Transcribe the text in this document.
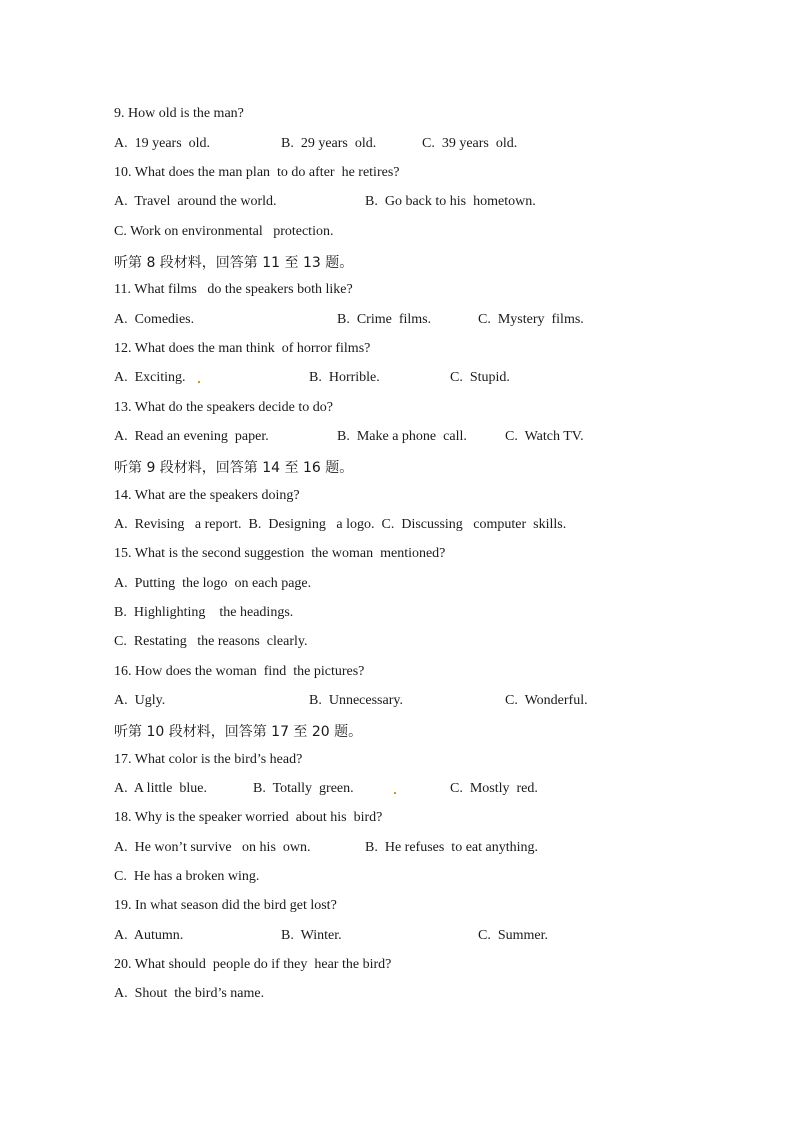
9. How old is the man?
A.  19 years  old.	B.  29 years  old.	C.  39 years  old.
10. What does the man plan  to do after  he retires?
A.  Travel  around the world.	B.  Go back to his  hometown.
C. Work on environmental   protection.
听第 8 段材料，回答第 11 至 13 题。
11. What films   do the speakers both like?
A.  Comedies.	B.  Crime  films.	C.  Mystery  films.
12. What does the man think  of horror films?
A.  Exciting.	B.  Horrible.	C.  Stupid.
13. What do the speakers decide to do?
A.  Read an evening  paper.	B.  Make a phone  call.	C.  Watch TV.
听第 9 段材料，回答第 14 至 16 题。
14. What are the speakers doing?
A.  Revising   a report.  B.  Designing   a logo.  C.  Discussing   computer  skills.
15. What is the second suggestion  the woman  mentioned?
A.  Putting  the logo  on each page.
B.  Highlighting    the headings.
C.  Restating   the reasons  clearly.
16. How does the woman  find  the pictures?
A.  Ugly.	B.  Unnecessary.	C.  Wonderful.
听第 10 段材料，回答第 17 至 20 题。
17. What color is the bird’s head?
A.  A little  blue.	B.  Totally  green.	C.  Mostly  red.
18. Why is the speaker worried  about his  bird?
A.  He won’t survive   on his  own.	B.  He refuses  to eat anything.
C.  He has a broken wing.
19. In what season did the bird get lost?
A.  Autumn.	B.  Winter.	C.  Summer.
20. What should  people do if they  hear the bird?
A.  Shout  the bird’s name.
